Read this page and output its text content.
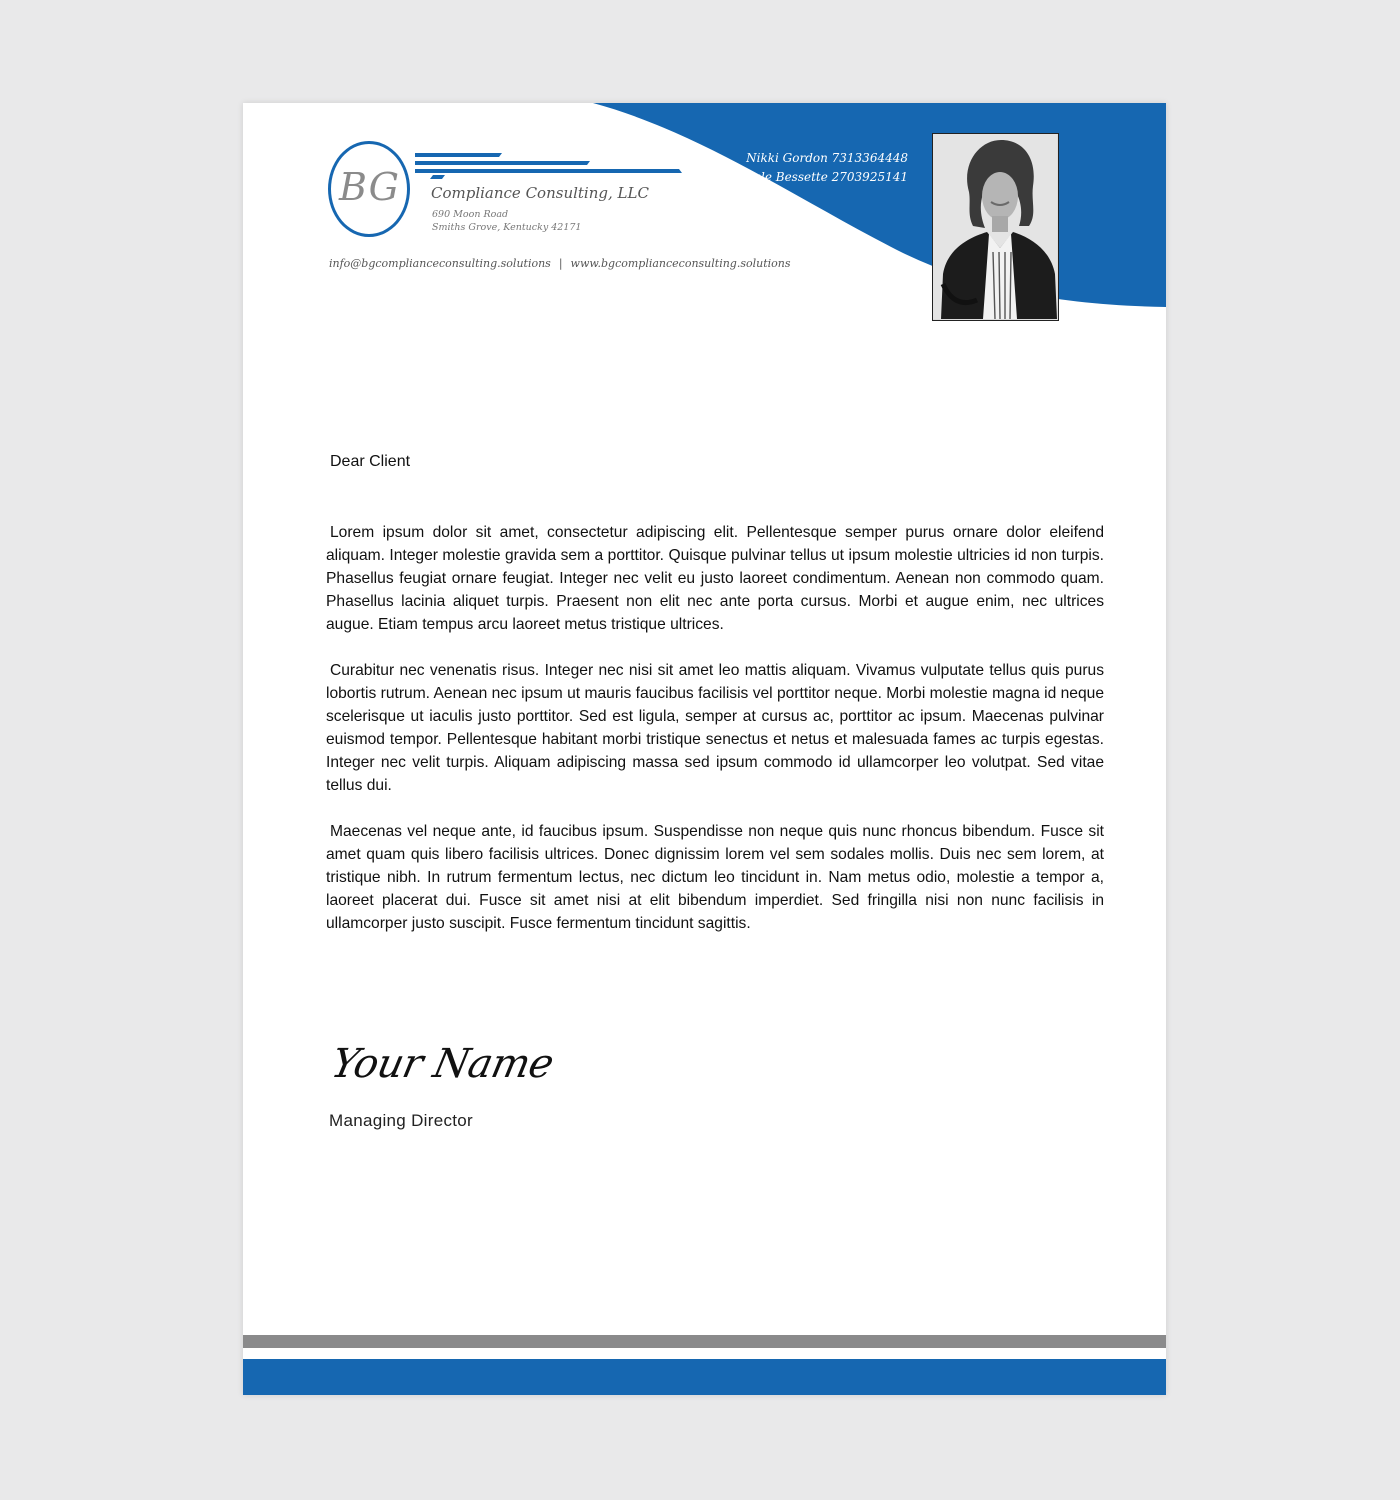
BG Compliance Consulting, LLC
690 Moon Road
Smiths Grove, Kentucky 42171
info@bgcomplianceconsulting.solutions | www.bgcomplianceconsulting.solutions
Nikki Gordon 7313364448
Dale Bessette 2703925141
Dear Client

Lorem ipsum dolor sit amet, consectetur adipiscing elit. Pellentesque semper purus ornare dolor eleifend aliquam. Integer molestie gravida sem a porttitor. Quisque pulvinar tellus ut ipsum molestie ultricies id non turpis. Phasellus feugiat ornare feugiat. Integer nec velit eu justo laoreet condimentum. Aenean non commodo quam. Phasellus lacinia aliquet turpis. Praesent non elit nec ante porta cursus. Morbi et augue enim, nec ultrices augue. Etiam tempus arcu laoreet metus tristique ultrices.

Curabitur nec venenatis risus. Integer nec nisi sit amet leo mattis aliquam. Vivamus vulputate tellus quis purus lobortis rutrum. Aenean nec ipsum ut mauris faucibus facilisis vel porttitor neque. Morbi molestie magna id neque scelerisque ut iaculis justo porttitor. Sed est ligula, semper at cursus ac, porttitor ac ipsum. Maecenas pulvinar euismod tempor. Pellentesque habitant morbi tristique senectus et netus et malesuada fames ac turpis egestas. Integer nec velit turpis. Aliquam adipiscing massa sed ipsum commodo id ullamcorper leo volutpat. Sed vitae tellus dui.

Maecenas vel neque ante, id faucibus ipsum. Suspendisse non neque quis nunc rhoncus bibendum. Fusce sit amet quam quis libero facilisis ultrices. Donec dignissim lorem vel sem sodales mollis. Duis nec sem lorem, at tristique nibh. In rutrum fermentum lectus, nec dictum leo tincidunt in. Nam metus odio, molestie a tempor a, laoreet placerat dui. Fusce sit amet nisi at elit bibendum imperdiet. Sed fringilla nisi non nunc facilisis in ullamcorper justo suscipit. Fusce fermentum tincidunt sagittis.

Your Name
Managing Director
